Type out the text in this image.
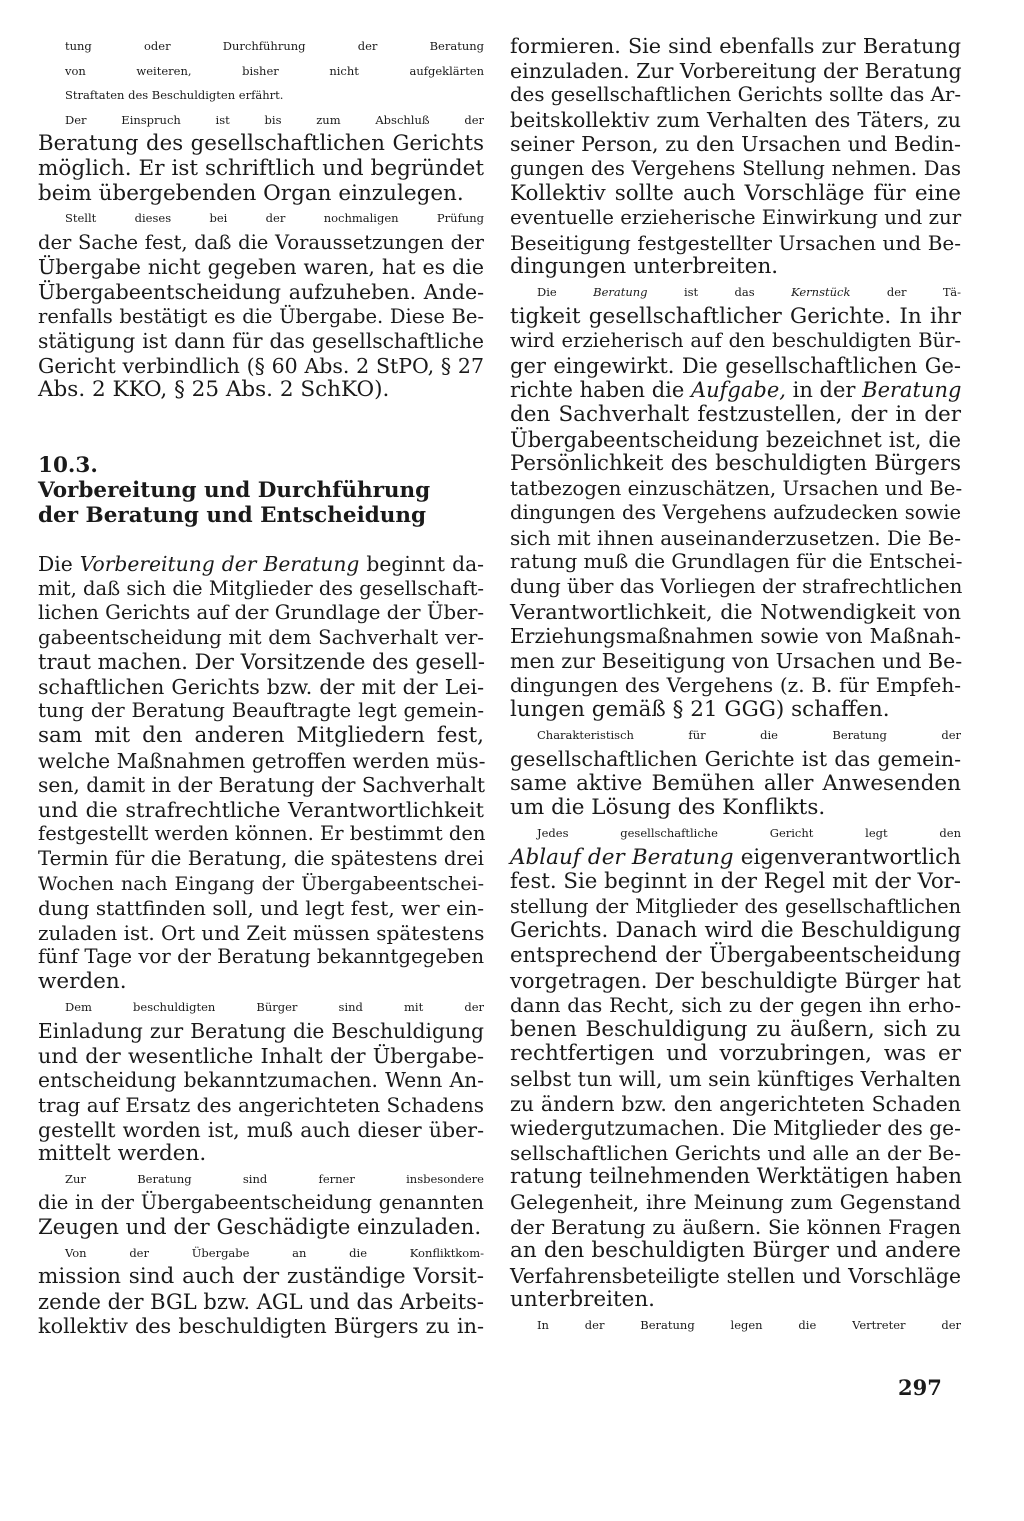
tung oder Durchführung der Beratung

von weiteren, bisher nicht aufgeklärten

Straftaten des Beschuldigten erfährt.

Der Einspruch ist bis zum Abschluß der

Beratung des gesellschaftlichen Gerichts

möglich. Er ist schriftlich und begründet

beim übergebenden Organ einzulegen.

Stellt dieses bei der nochmaligen Prüfung

der Sache fest, daß die Voraussetzungen der

Übergabe nicht gegeben waren, hat es die

Übergabeentscheidung aufzuheben. Ande-

renfalls bestätigt es die Übergabe. Diese Be-

stätigung ist dann für das gesellschaftliche

Gericht verbindlich (§ 60 Abs. 2 StPO, § 27

Abs. 2 KKO, § 25 Abs. 2 SchKO).

10.3.

Vorbereitung und Durchführung

der Beratung und Entscheidung

Die Vorbereitung der Beratung beginnt da-

mit, daß sich die Mitglieder des gesellschaft-

lichen Gerichts auf der Grundlage der Über-

gabeentscheidung mit dem Sachverhalt ver-

traut machen. Der Vorsitzende des gesell-

schaftlichen Gerichts bzw. der mit der Lei-

tung der Beratung Beauftragte legt gemein-

sam mit den anderen Mitgliedern fest,

welche Maßnahmen getroffen werden müs-

sen, damit in der Beratung der Sachverhalt

und die strafrechtliche Verantwortlichkeit

festgestellt werden können. Er bestimmt den

Termin für die Beratung, die spätestens drei

Wochen nach Eingang der Übergabeentschei-

dung stattfinden soll, und legt fest, wer ein-

zuladen ist. Ort und Zeit müssen spätestens

fünf Tage vor der Beratung bekanntgegeben

werden.

Dem beschuldigten Bürger sind mit der

Einladung zur Beratung die Beschuldigung

und der wesentliche Inhalt der Übergabe-

entscheidung bekanntzumachen. Wenn An-

trag auf Ersatz des angerichteten Schadens

gestellt worden ist, muß auch dieser über-

mittelt werden.

Zur Beratung sind ferner insbesondere

die in der Übergabeentscheidung genannten

Zeugen und der Geschädigte einzuladen.

Von der Übergabe an die Konfliktkom-

mission sind auch der zuständige Vorsit-

zende der BGL bzw. AGL und das Arbeits-

kollektiv des beschuldigten Bürgers zu in-

formieren. Sie sind ebenfalls zur Beratung

einzuladen. Zur Vorbereitung der Beratung

des gesellschaftlichen Gerichts sollte das Ar-

beitskollektiv zum Verhalten des Täters, zu

seiner Person, zu den Ursachen und Bedin-

gungen des Vergehens Stellung nehmen. Das

Kollektiv sollte auch Vorschläge für eine

eventuelle erzieherische Einwirkung und zur

Beseitigung festgestellter Ursachen und Be-

dingungen unterbreiten.

Die Beratung ist das Kernstück der Tä-

tigkeit gesellschaftlicher Gerichte. In ihr

wird erzieherisch auf den beschuldigten Bür-

ger eingewirkt. Die gesellschaftlichen Ge-

richte haben die Aufgabe, in der Beratung

den Sachverhalt festzustellen, der in der

Übergabeentscheidung bezeichnet ist, die

Persönlichkeit des beschuldigten Bürgers

tatbezogen einzuschätzen, Ursachen und Be-

dingungen des Vergehens aufzudecken sowie

sich mit ihnen auseinanderzusetzen. Die Be-

ratung muß die Grundlagen für die Entschei-

dung über das Vorliegen der strafrechtlichen

Verantwortlichkeit, die Notwendigkeit von

Erziehungsmaßnahmen sowie von Maßnah-

men zur Beseitigung von Ursachen und Be-

dingungen des Vergehens (z. B. für Empfeh-

lungen gemäß § 21 GGG) schaffen.

Charakteristisch für die Beratung der

gesellschaftlichen Gerichte ist das gemein-

same aktive Bemühen aller Anwesenden

um die Lösung des Konflikts.

Jedes gesellschaftliche Gericht legt den

Ablauf der Beratung eigenverantwortlich

fest. Sie beginnt in der Regel mit der Vor-

stellung der Mitglieder des gesellschaftlichen

Gerichts. Danach wird die Beschuldigung

entsprechend der Übergabeentscheidung

vorgetragen. Der beschuldigte Bürger hat

dann das Recht, sich zu der gegen ihn erho-

benen Beschuldigung zu äußern, sich zu

rechtfertigen und vorzubringen, was er

selbst tun will, um sein künftiges Verhalten

zu ändern bzw. den angerichteten Schaden

wiedergutzumachen. Die Mitglieder des ge-

sellschaftlichen Gerichts und alle an der Be-

ratung teilnehmenden Werktätigen haben

Gelegenheit, ihre Meinung zum Gegenstand

der Beratung zu äußern. Sie können Fragen

an den beschuldigten Bürger und andere

Verfahrensbeteiligte stellen und Vorschläge

unterbreiten.

In der Beratung legen die Vertreter der

297
